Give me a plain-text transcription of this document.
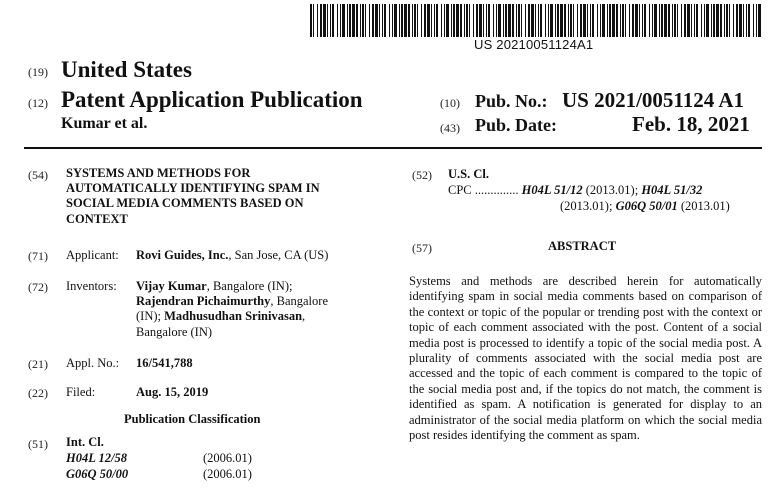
US 20210051124A1
(19) United States
(12) Patent Application Publication
Kumar et al.
(10) Pub. No.: US 2021/0051124 A1
(43) Pub. Date:	Feb. 18, 2021
(54) SYSTEMS AND METHODS FOR
AUTOMATICALLY IDENTIFYING SPAM IN
SOCIAL MEDIA COMMENTS BASED ON
CONTEXT
(71) Applicant: Rovi Guides, Inc., San Jose, CA (US)
(72) Inventors: Vijay Kumar, Bangalore (IN);
Rajendran Pichaimurthy, Bangalore
(IN); Madhusudhan Srinivasan,
Bangalore (IN)
(21) Appl. No.: 16/541,788
(22) Filed:	Aug. 15, 2019
Publication Classification
(51) Int. Cl.
H04L 12/58	(2006.01)
G06Q 50/00	(2006.01)
(52) U.S. Cl.
CPC .............. H04L 51/12 (2013.01); H04L 51/32
(2013.01); G06Q 50/01 (2013.01)
(57)	ABSTRACT
Systems and methods are described herein for automatically identifying spam in social media comments based on comparison of the context or topic of the popular or trending post with the context or topic of each comment associated with the post. Content of a social media post is processed to identify a topic of the social media post. A plurality of comments associated with the social media post are accessed and the topic of each comment is compared to the topic of the social media post and, if the topics do not match, the comment is identified as spam. A notification is generated for display to an administrator of the social media platform on which the social media post resides identifying the comment as spam.
